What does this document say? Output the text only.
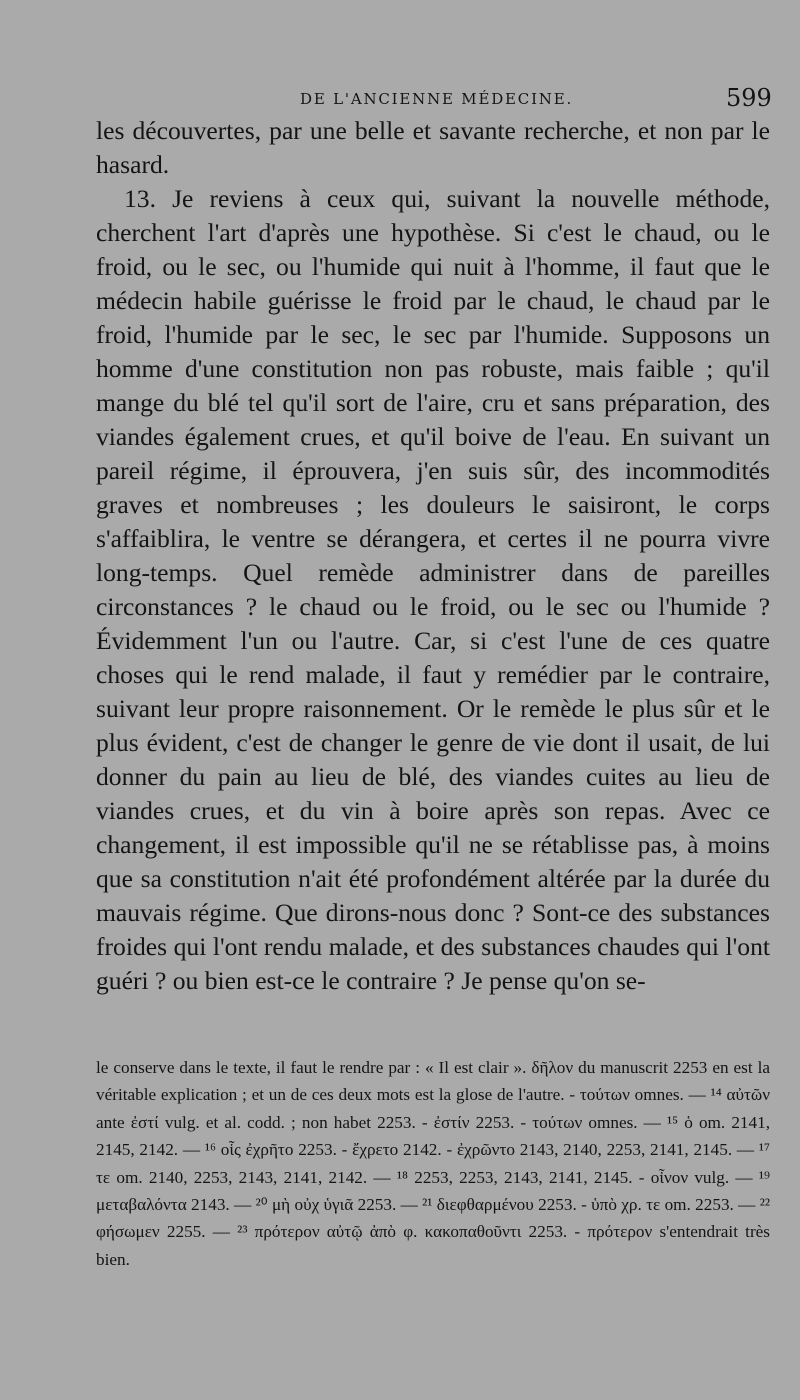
DE L'ANCIENNE MÉDECINE.	599

les découvertes, par une belle et savante recherche, et non par le hasard.

13. Je reviens à ceux qui, suivant la nouvelle méthode, cherchent l'art d'après une hypothèse. Si c'est le chaud, ou le froid, ou le sec, ou l'humide qui nuit à l'homme, il faut que le médecin habile guérisse le froid par le chaud, le chaud par le froid, l'humide par le sec, le sec par l'humide. Supposons un homme d'une constitution non pas robuste, mais faible ; qu'il mange du blé tel qu'il sort de l'aire, cru et sans préparation, des viandes également crues, et qu'il boive de l'eau. En suivant un pareil régime, il éprouvera, j'en suis sûr, des incommodités graves et nombreuses ; les douleurs le saisiront, le corps s'affaiblira, le ventre se dérangera, et certes il ne pourra vivre long-temps. Quel remède administrer dans de pareilles circonstances ? le chaud ou le froid, ou le sec ou l'humide ? Évidemment l'un ou l'autre. Car, si c'est l'une de ces quatre choses qui le rend malade, il faut y remédier par le contraire, suivant leur propre raisonnement. Or le remède le plus sûr et le plus évident, c'est de changer le genre de vie dont il usait, de lui donner du pain au lieu de blé, des viandes cuites au lieu de viandes crues, et du vin à boire après son repas. Avec ce changement, il est impossible qu'il ne se rétablisse pas, à moins que sa constitution n'ait été profondément altérée par la durée du mauvais régime. Que dirons-nous donc ? Sont-ce des substances froides qui l'ont rendu malade, et des substances chaudes qui l'ont guéri ? ou bien est-ce le contraire ? Je pense qu'on se-

le conserve dans le texte, il faut le rendre par : « Il est clair ». δῆλον du manuscrit 2253 en est la véritable explication ; et un de ces deux mots est la glose de l'autre. - τούτων omnes. — ¹⁴ αὐτῶν ante ἐστί vulg. et al. codd. ; non habet 2253. - ἐστίν 2253. - τούτων omnes. — ¹⁵ ὁ om. 2141, 2145, 2142. — ¹⁶ οἷς ἐχρῆτο 2253. - ἔχρετο 2142. - ἐχρῶντο 2143, 2140, 2253, 2141, 2145. — ¹⁷ τε om. 2140, 2253, 2143, 2141, 2142. — ¹⁸ 2253, 2253, 2143, 2141, 2145. - οἶνον vulg. — ¹⁹ μεταβαλόντα 2143. — ²⁰ μὴ οὐχ ὑγιᾶ 2253. — ²¹ διεφθαρμένου 2253. - ὑπὸ χρ. τε om. 2253. — ²² φήσωμεν 2255. — ²³ πρότερον αὐτῷ ἀπὸ φ. κακοπαθοῦντι 2253. - πρότερον s'entendrait très bien.
